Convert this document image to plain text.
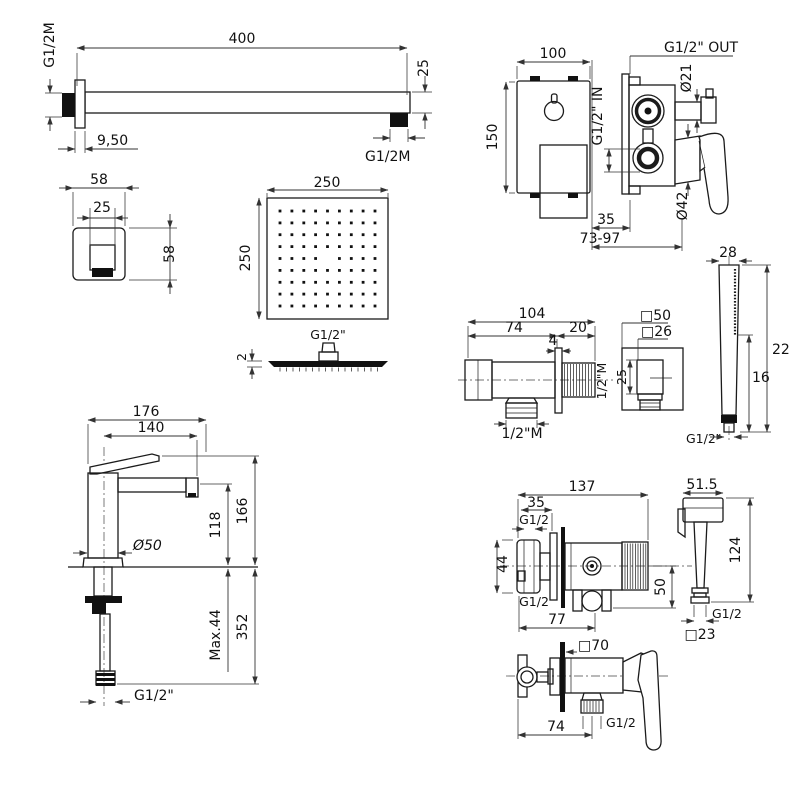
400
25
G1/2M
9,50
G1/2M
58
25
58
250
250
G1/2"
2
100
150
G1/2" OUT
G1/2" IN
Ø21
Ø42
35
73-97
104
74	20
4
1/2"M
1/2"M
□50
□26
25
28
22
16
G1/2"
176
140
166
118
Ø50
352
Max.44
G1/2"
137
35
G1/2
44
G1/2
77
50
51.5
124
G1/2
□23
□70
74	G1/2
